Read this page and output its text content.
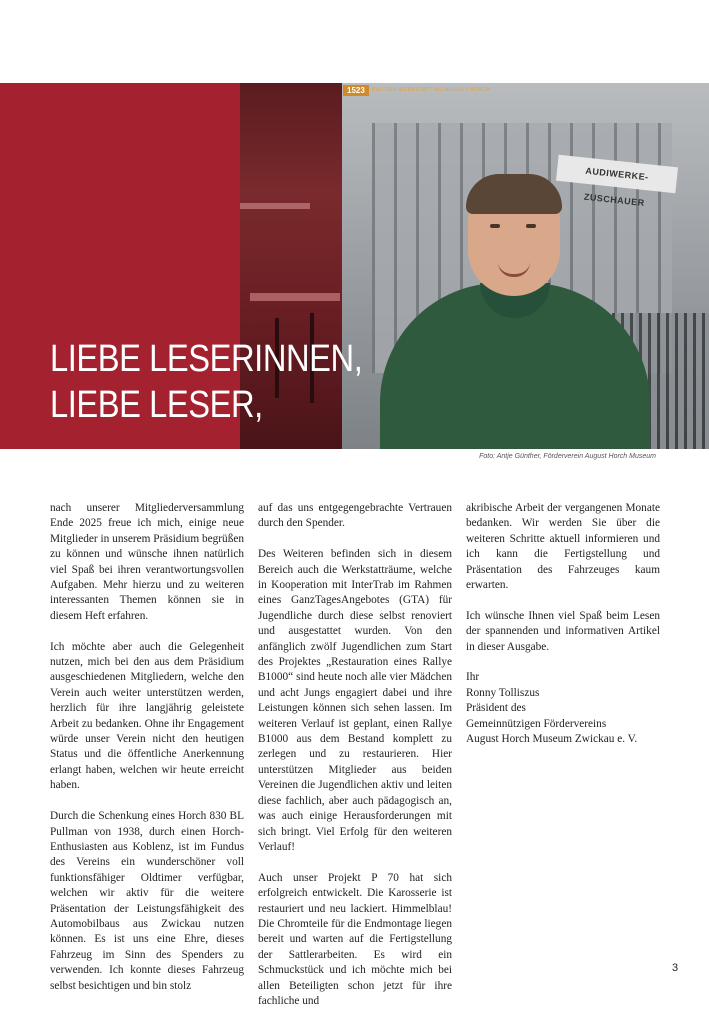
AUDIWERKE-ZUSCHAUER
1523	BAU DER WERKSTATT BEI AUGUST HORCH
LIEBE LESERINNEN,
LIEBE LESER,
Foto: Antje Günther, Förderverein August Horch Museum

nach unserer Mitgliederversammlung Ende 2025 freue ich mich, einige neue Mitglieder in unserem Präsidium begrüßen zu können und wünsche ihnen natürlich viel Spaß bei ihren verantwortungsvollen Aufgaben. Mehr hierzu und zu weiteren interessanten Themen können sie in diesem Heft erfahren.

Ich möchte aber auch die Gelegenheit nutzen, mich bei den aus dem Präsidium ausgeschiedenen Mitgliedern, welche den Verein auch weiter unterstützen werden, herzlich für ihre langjährig geleistete Arbeit zu bedanken. Ohne ihr Engagement würde unser Verein nicht den heutigen Status und die öffentliche Anerkennung erlangt haben, welchen wir heute erreicht haben.

Durch die Schenkung eines Horch 830 BL Pullman von 1938, durch einen Horch-Enthusiasten aus Koblenz, ist im Fundus des Vereins ein wunderschöner voll funktionsfähiger Oldtimer verfügbar, welchen wir aktiv für die weitere Präsentation der Leistungsfähigkeit des Automobilbaus aus Zwickau nutzen können. Es ist uns eine Ehre, dieses Fahrzeug im Sinn des Spenders zu verwenden. Ich konnte dieses Fahrzeug selbst besichtigen und bin stolz

auf das uns entgegengebrachte Vertrauen durch den Spender.

Des Weiteren befinden sich in diesem Bereich auch die Werkstatträume, welche in Kooperation mit InterTrab im Rahmen eines GanzTagesAngebotes (GTA) für Jugendliche durch diese selbst renoviert und ausgestattet wurden. Von den anfänglich zwölf Jugendlichen zum Start des Projektes „Restauration eines Rallye B1000“ sind heute noch alle vier Mädchen und acht Jungs engagiert dabei und ihre Leistungen können sich sehen lassen. Im weiteren Verlauf ist geplant, einen Rallye B1000 aus dem Bestand komplett zu zerlegen und zu restaurieren. Hier unterstützen Mitglieder aus beiden Vereinen die Jugendlichen aktiv und leiten diese fachlich, aber auch pädagogisch an, was auch einige Herausforderungen mit sich bringt. Viel Erfolg für den weiteren Verlauf!

Auch unser Projekt P 70 hat sich erfolgreich entwickelt. Die Karosserie ist restauriert und neu lackiert. Himmelblau! Die Chromteile für die Endmontage liegen bereit und warten auf die Fertigstellung der Sattlerarbeiten. Es wird ein Schmuckstück und ich möchte mich bei allen Beteiligten schon jetzt für ihre fachliche und

akribische Arbeit der vergangenen Monate bedanken. Wir werden Sie über die weiteren Schritte aktuell informieren und ich kann die Fertigstellung und Präsentation des Fahrzeuges kaum erwarten.

Ich wünsche Ihnen viel Spaß beim Lesen der spannenden und informativen Artikel in dieser Ausgabe.

Ihr
Ronny Tolliszus
Präsident des
Gemeinnützigen Fördervereins
August Horch Museum Zwickau e. V.

3
